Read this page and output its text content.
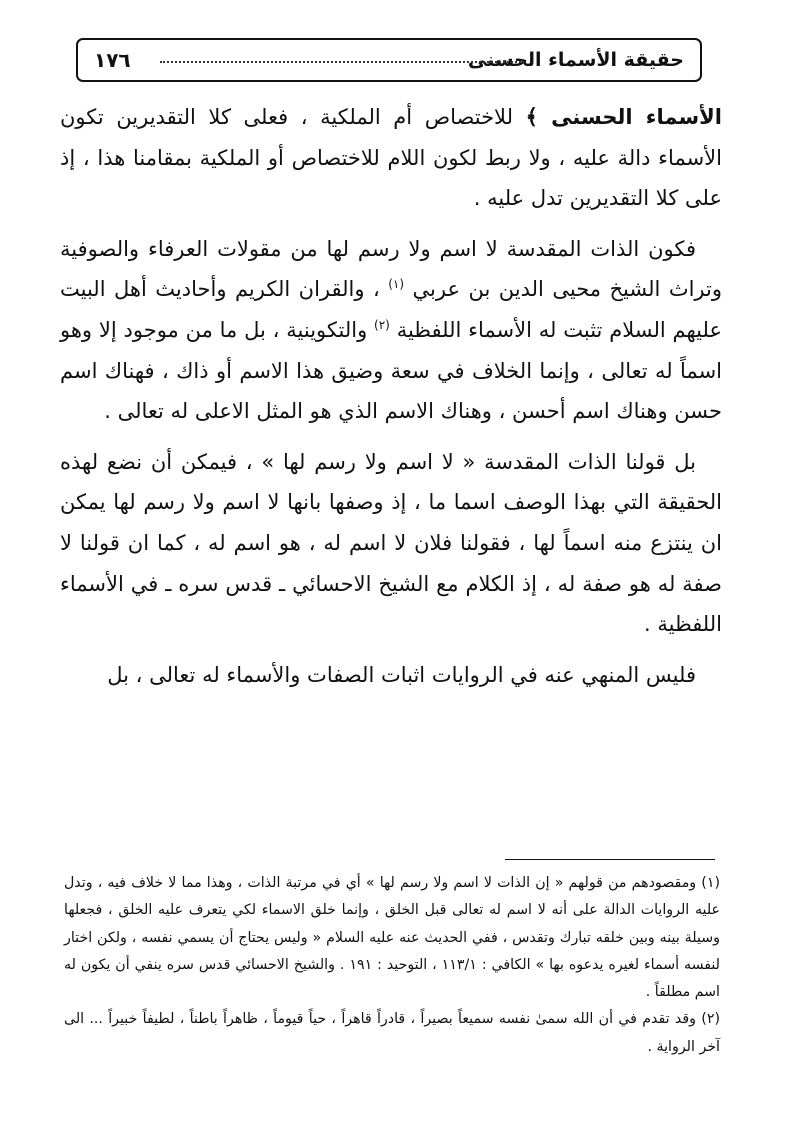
حقيقة الأسماء الحسنى
١٧٦

الأسماء الحسنى ﴾ للاختصاص أم الملكية ، فعلى كلا التقديرين تكون الأسماء دالة عليه ، ولا ربط لكون اللام للاختصاص أو الملكية بمقامنا هذا ، إذ على كلا التقديرين تدل عليه .

فكون الذات المقدسة لا اسم ولا رسم لها من مقولات العرفاء والصوفية وتراث الشيخ محيى الدين بن عربي $^{(١)}$ ، والقران الكريم وأحاديث أهل البيت عليهم السلام تثبت له الأسماء اللفظية $^{(٢)}$ والتكوينية ، بل ما من موجود إلا وهو اسماً له تعالى ، وإنما الخلاف في سعة وضيق هذا الاسم أو ذاك ، فهناك اسم حسن وهناك اسم أحسن ، وهناك الاسم الذي هو المثل الاعلى له تعالى .

بل قولنا الذات المقدسة « لا اسم ولا رسم لها » ، فيمكن أن نضع لهذه الحقيقة التي بهذا الوصف اسما ما ، إذ وصفها بانها لا اسم ولا رسم لها يمكن ان ينتزع منه اسماً لها ، فقولنا فلان لا اسم له ، هو اسم له ، كما ان قولنا لا صفة له هو صفة له ، إذ الكلام مع الشيخ الاحسائي ـ قدس سره ـ في الأسماء اللفظية .

فليس المنهي عنه في الروايات اثبات الصفات والأسماء له تعالى ، بل

(١) ومقصودهم من قولهم « إن الذات لا اسم ولا رسم لها » أي في مرتبة الذات ، وهذا مما لا خلاف فيه ، وتدل عليه الروايات الدالة على أنه لا اسم له تعالى قبل الخلق ، وإنما خلق الاسماء لكي يتعرف عليه الخلق ، فجعلها وسيلة بينه وبين خلقه تبارك وتقدس ، ففي الحديث عنه عليه السلام « وليس يحتاج أن يسمي نفسه ، ولكن اختار لنفسه أسماء لغيره يدعوه بها » الكافي : ١١٣/١ ، التوحيد : ١٩١ . والشيخ الاحسائي قدس سره ينفي أن يكون له اسم مطلقاً .

(٢) وقد تقدم في أن الله سمىٰ نفسه سميعاً بصيراً ، قادراً قاهراً ، حياً قيوماً ، ظاهراً باطناً ، لطيفاً خبيراً ... الى آخر الرواية .
